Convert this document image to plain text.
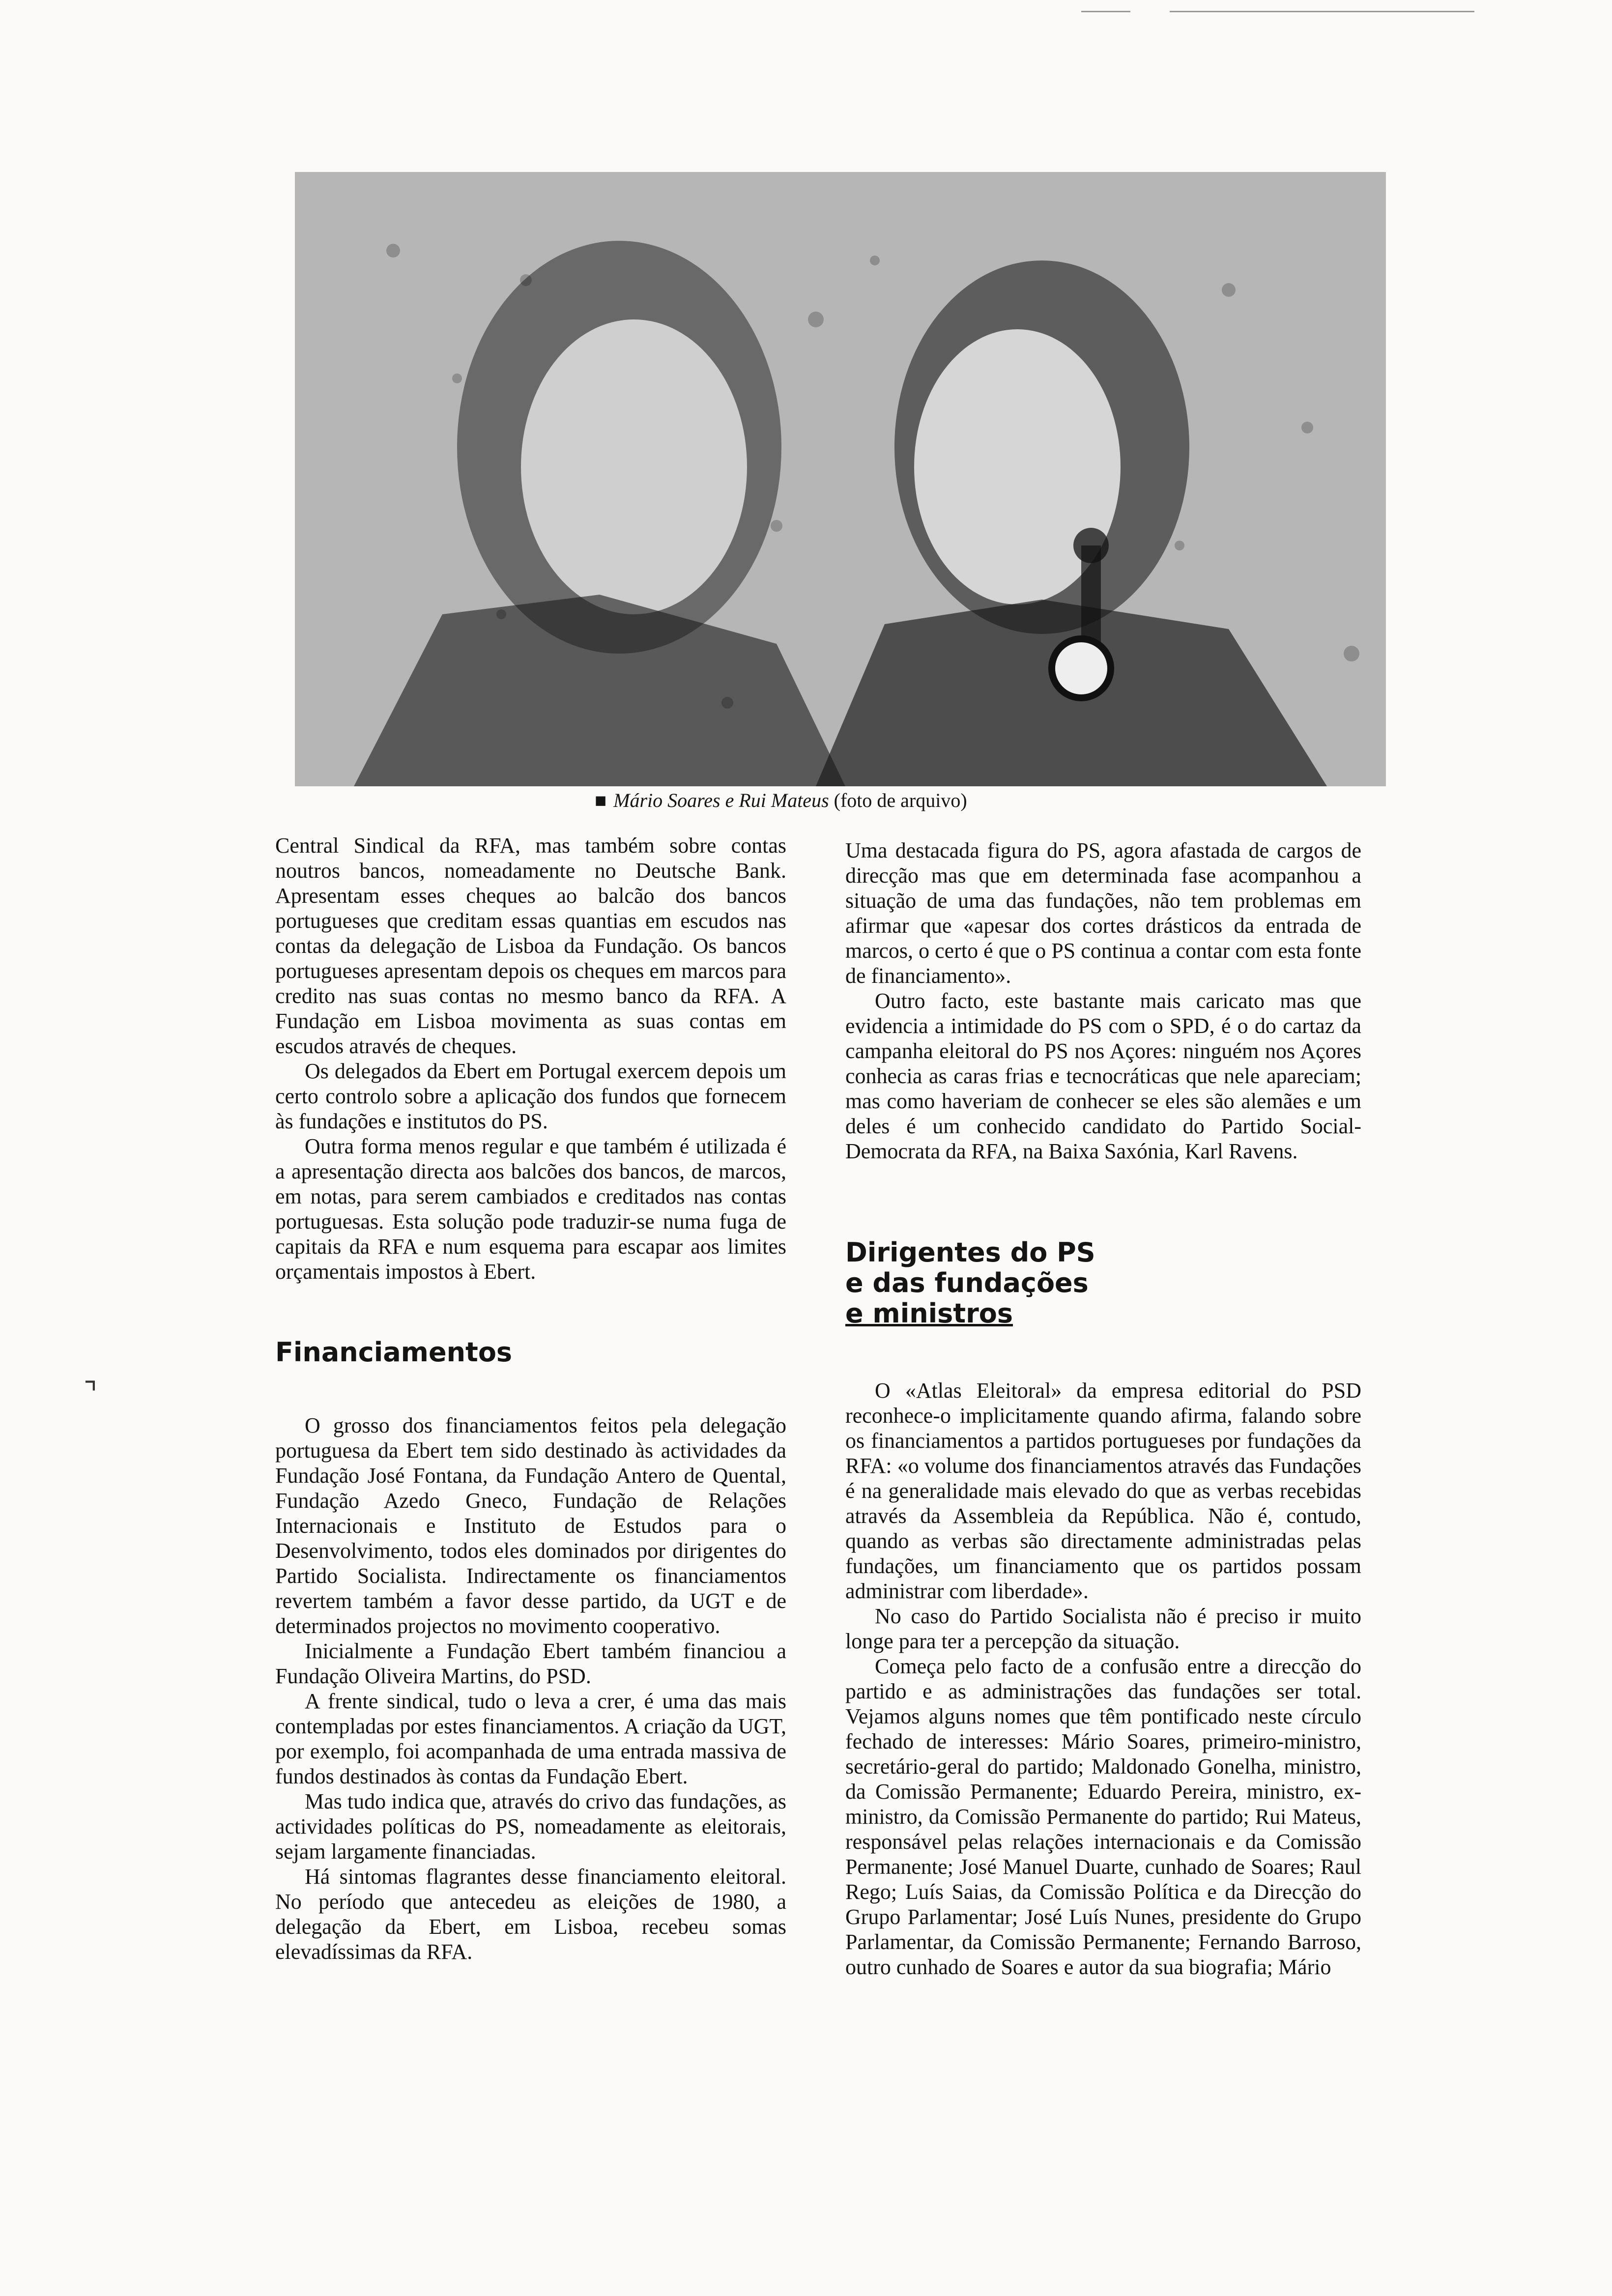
⌝
■ Mário Soares e Rui Mateus (foto de arquivo)

Central Sindical da RFA, mas também sobre contas noutros bancos, nomeadamente no Deutsche Bank. Apresentam esses cheques ao balcão dos bancos portugueses que creditam essas quantias em escudos nas contas da delegação de Lisboa da Fundação. Os bancos portugueses apresentam depois os cheques em marcos para credito nas suas contas no mesmo banco da RFA. A Fundação em Lisboa movimenta as suas contas em escudos através de cheques.

Os delegados da Ebert em Portugal exercem depois um certo controlo sobre a aplicação dos fundos que fornecem às fundações e institutos do PS.

Outra forma menos regular e que também é utilizada é a apresentação directa aos balcões dos bancos, de marcos, em notas, para serem cambiados e creditados nas contas portuguesas. Esta solução pode traduzir-se numa fuga de capitais da RFA e num esquema para escapar aos limites orçamentais impostos à Ebert.

Financiamentos

O grosso dos financiamentos feitos pela delegação portuguesa da Ebert tem sido destinado às actividades da Fundação José Fontana, da Fundação Antero de Quental, Fundação Azedo Gneco, Fundação de Relações Internacionais e Instituto de Estudos para o Desenvolvimento, todos eles dominados por dirigentes do Partido Socialista. Indirectamente os financiamentos revertem também a favor desse partido, da UGT e de determinados projectos no movimento cooperativo.

Inicialmente a Fundação Ebert também financiou a Fundação Oliveira Martins, do PSD.

A frente sindical, tudo o leva a crer, é uma das mais contempladas por estes financiamentos. A criação da UGT, por exemplo, foi acompanhada de uma entrada massiva de fundos destinados às contas da Fundação Ebert.

Mas tudo indica que, através do crivo das fundações, as actividades políticas do PS, nomeadamente as eleitorais, sejam largamente financiadas.

Há sintomas flagrantes desse financiamento eleitoral. No período que antecedeu as eleições de 1980, a delegação da Ebert, em Lisboa, recebeu somas elevadíssimas da RFA.

Uma destacada figura do PS, agora afastada de cargos de direcção mas que em determinada fase acompanhou a situação de uma das fundações, não tem problemas em afirmar que «apesar dos cortes drásticos da entrada de marcos, o certo é que o PS continua a contar com esta fonte de financiamento».

Outro facto, este bastante mais caricato mas que evidencia a intimidade do PS com o SPD, é o do cartaz da campanha eleitoral do PS nos Açores: ninguém nos Açores conhecia as caras frias e tecnocráticas que nele apareciam; mas como haveriam de conhecer se eles são alemães e um deles é um conhecido candidato do Partido Social-Democrata da RFA, na Baixa Saxónia, Karl Ravens.

Dirigentes do PS
e das fundações
e ministros

O «Atlas Eleitoral» da empresa editorial do PSD reconhece-o implicitamente quando afirma, falando sobre os financiamentos a partidos portugueses por fundações da RFA: «o volume dos financiamentos através das Fundações é na generalidade mais elevado do que as verbas recebidas através da Assembleia da República. Não é, contudo, quando as verbas são directamente administradas pelas fundações, um financiamento que os partidos possam administrar com liberdade».

No caso do Partido Socialista não é preciso ir muito longe para ter a percepção da situação.

Começa pelo facto de a confusão entre a direcção do partido e as administrações das fundações ser total. Vejamos alguns nomes que têm pontificado neste círculo fechado de interesses: Mário Soares, primeiro-ministro, secretário-geral do partido; Maldonado Gonelha, ministro, da Comissão Permanente; Eduardo Pereira, ministro, ex-ministro, da Comissão Permanente do partido; Rui Mateus, responsável pelas relações internacionais e da Comissão Permanente; José Manuel Duarte, cunhado de Soares; Raul Rego; Luís Saias, da Comissão Política e da Direcção do Grupo Parlamentar; José Luís Nunes, presidente do Grupo Parlamentar, da Comissão Permanente; Fernando Barroso, outro cunhado de Soares e autor da sua biografia; Mário
